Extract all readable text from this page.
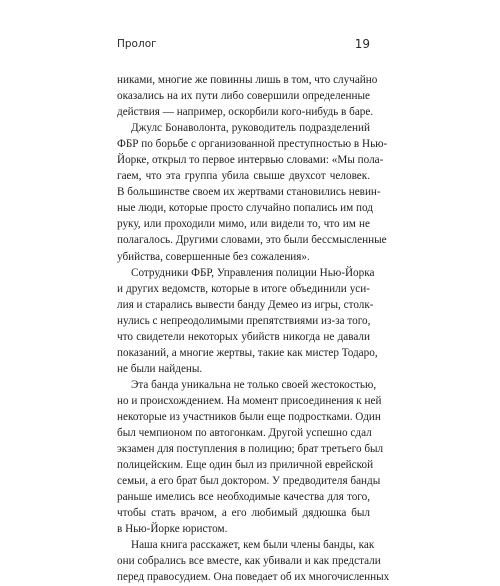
Пролог	19
никами, многие же повинны лишь в том, что случайно
оказались на их пути либо совершили определенные
действия — например, оскорбили кого-нибудь в баре.
Джулс Бонаволонта, руководитель подразделений
ФБР по борьбе с организованной преступностью в Нью-
Йорке, открыл то первое интервью словами: «Мы пола-
гаем, что эта группа убила свыше двухсот человек.
В большинстве своем их жертвами становились невин-
ные люди, которые просто случайно попались им под
руку, или проходили мимо, или видели то, что им не
полагалось. Другими словами, это были бессмысленные
убийства, совершенные без сожаления».
Сотрудники ФБР, Управления полиции Нью-Йорка
и других ведомств, которые в итоге объединили уси-
лия и старались вывести банду Демео из игры, столк-
нулись с непреодолимыми препятствиями из-за того,
что свидетели некоторых убийств никогда не давали
показаний, а многие жертвы, такие как мистер Тодаро,
не были найдены.
Эта банда уникальна не только своей жестокостью,
но и происхождением. На момент присоединения к ней
некоторые из участников были еще подростками. Один
был чемпионом по автогонкам. Другой успешно сдал
экзамен для поступления в полицию; брат третьего был
полицейским. Еще один был из приличной еврейской
семьи, а его брат был доктором. У предводителя банды
раньше имелись все необходимые качества для того,
чтобы стать врачом, а его любимый дядюшка был
в Нью-Йорке юристом.
Наша книга расскажет, кем были члены банды, как
они собрались все вместе, как убивали и как предстали
перед правосудием. Она поведает об их многочисленных
